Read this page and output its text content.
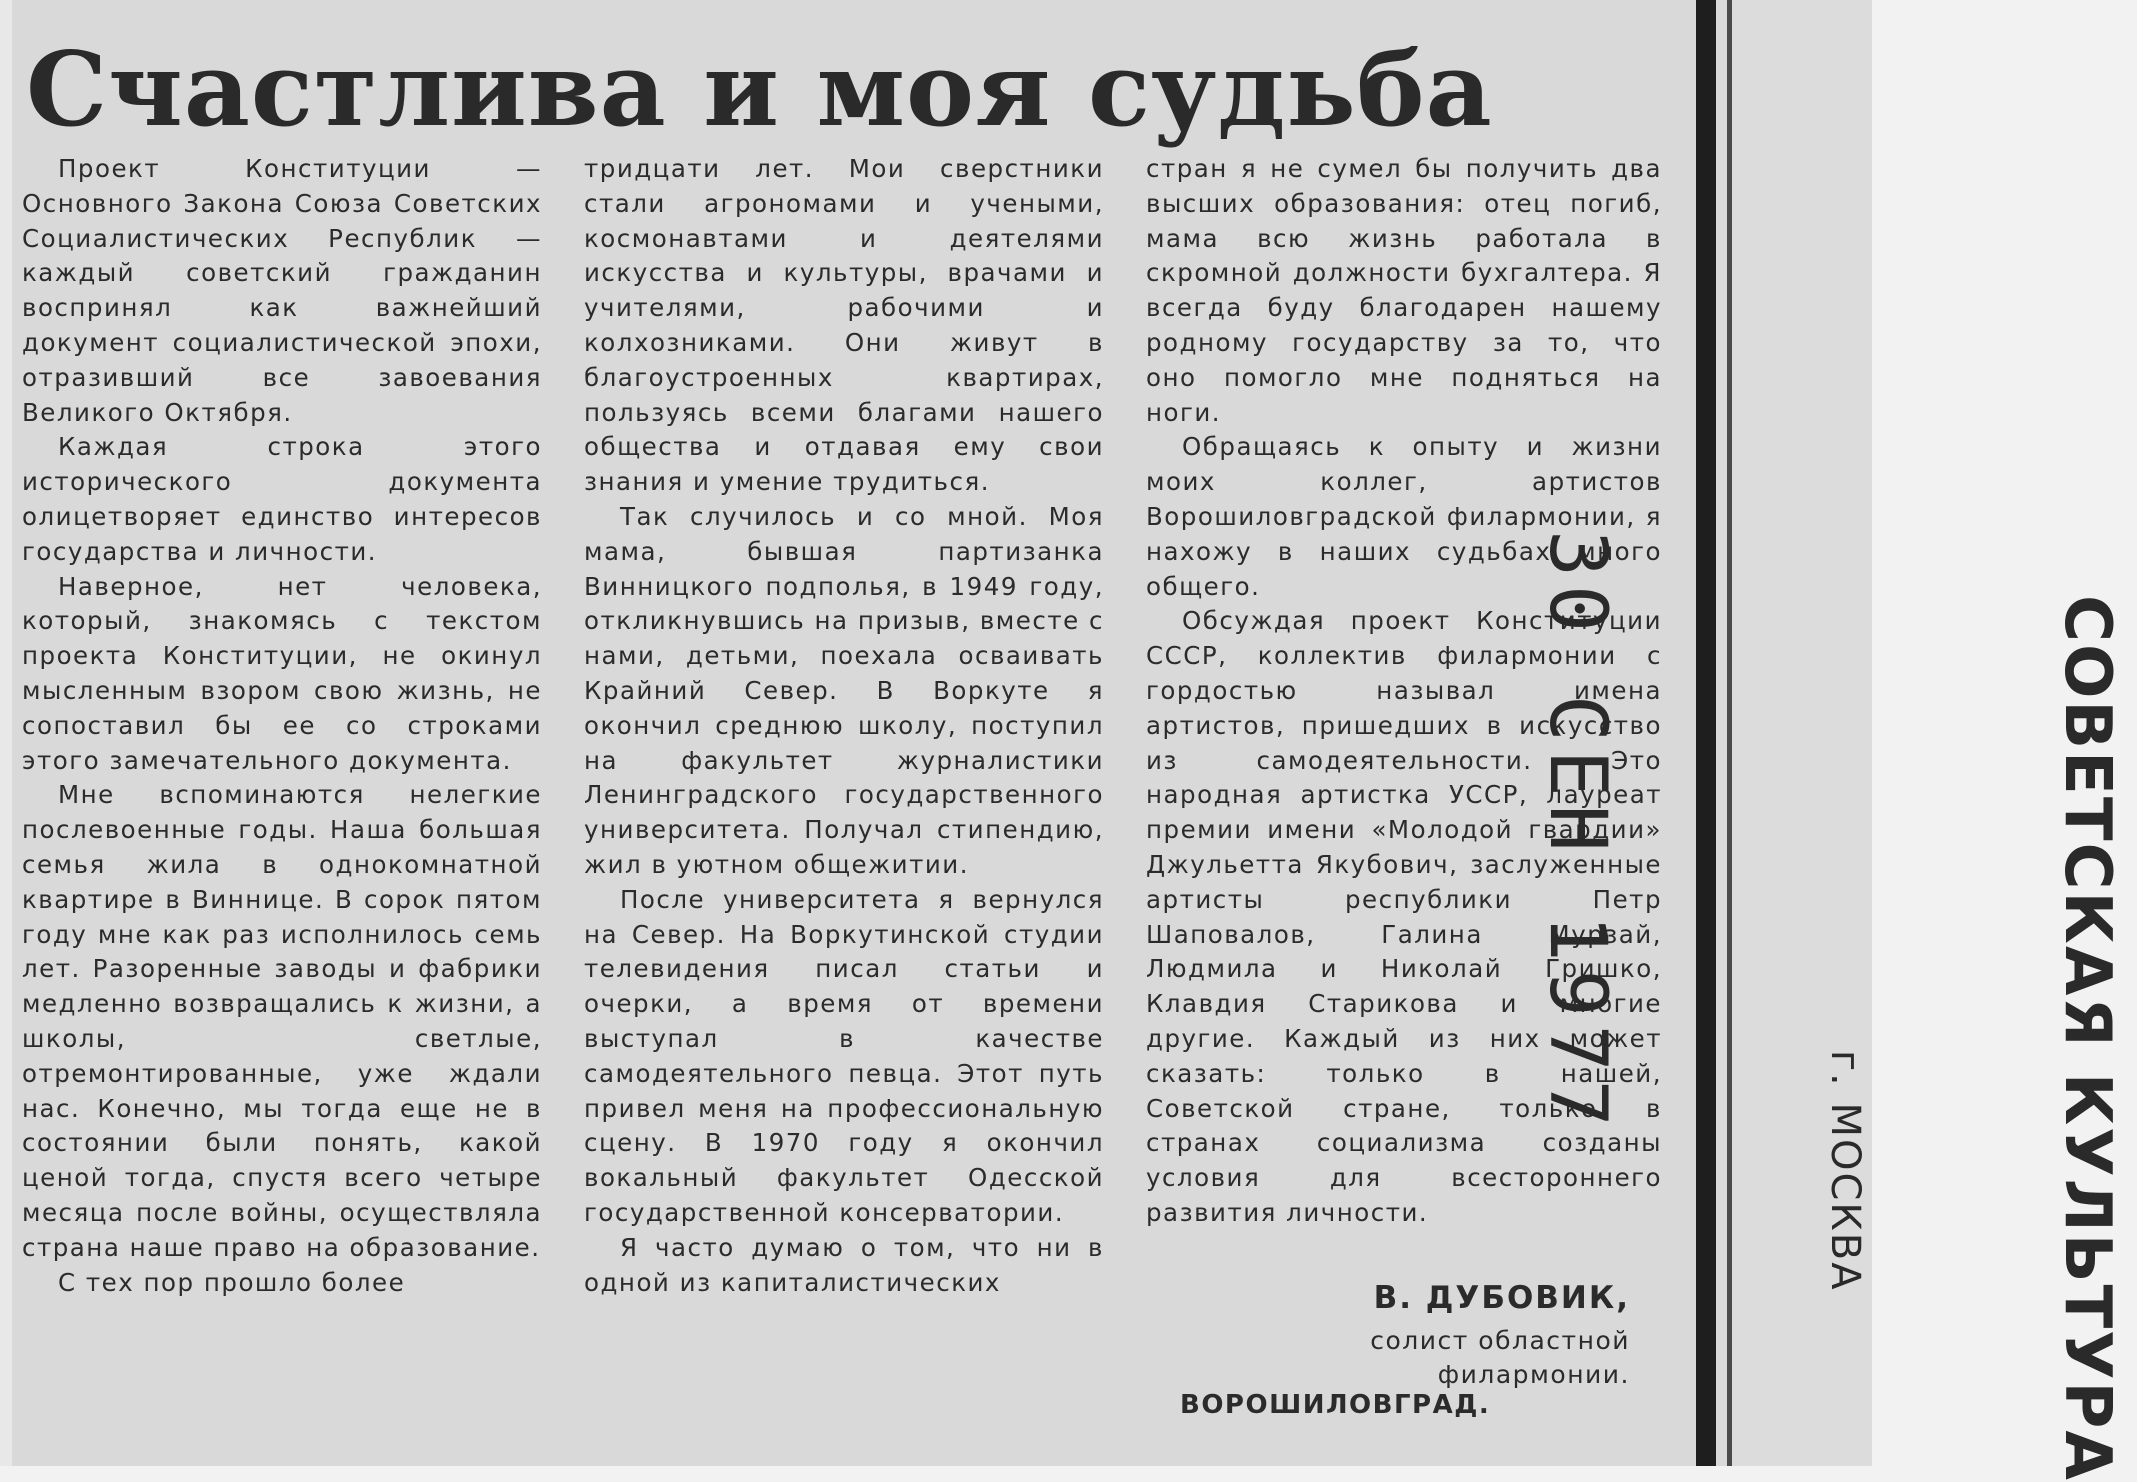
Счастлива и моя судьба

Проект Конституции — Основного Закона Союза Советских Социалистических Республик — каждый советский гражданин воспринял как важнейший документ социалистической эпохи, отразивший все завоевания Великого Октября.

Каждая строка этого исторического документа олицетворяет единство интересов государства и личности.

Наверное, нет человека, который, знакомясь с текстом проекта Конституции, не окинул мысленным взором свою жизнь, не сопоставил бы ее со строками этого замечательного документа.

Мне вспоминаются нелегкие послевоенные годы. Наша большая семья жила в однокомнатной квартире в Виннице. В сорок пятом году мне как раз исполнилось семь лет. Разоренные заводы и фабрики медленно возвращались к жизни, а школы, светлые, отремонтированные, уже ждали нас. Конечно, мы тогда еще не в состоянии были понять, какой ценой тогда, спустя всего четыре месяца после войны, осуществляла страна наше право на образование.

С тех пор прошло более

тридцати лет. Мои сверстники стали агрономами и учеными, космонавтами и деятелями искусства и культуры, врачами и учителями, рабочими и колхозниками. Они живут в благоустроенных квартирах, пользуясь всеми благами нашего общества и отдавая ему свои знания и умение трудиться.

Так случилось и со мной. Моя мама, бывшая партизанка Винницкого подполья, в 1949 году, откликнувшись на призыв, вместе с нами, детьми, поехала осваивать Крайний Север. В Воркуте я окончил среднюю школу, поступил на факультет журналистики Ленинградского государственного университета. Получал стипендию, жил в уютном общежитии.

После университета я вернулся на Север. На Воркутинской студии телевидения писал статьи и очерки, а время от времени выступал в качестве самодеятельного певца. Этот путь привел меня на профессиональную сцену. В 1970 году я окончил вокальный факультет Одесской государственной консерватории.

Я часто думаю о том, что ни в одной из капиталистических

стран я не сумел бы получить два высших образования: отец погиб, мама всю жизнь работала в скромной должности бухгалтера. Я всегда буду благодарен нашему родному государству за то, что оно помогло мне подняться на ноги.

Обращаясь к опыту и жизни моих коллег, артистов Ворошиловградской филармонии, я нахожу в наших судьбах много общего.

Обсуждая проект Конституции СССР, коллектив филармонии с гордостью называл имена артистов, пришедших в искусство из самодеятельности. Это народная артистка УССР, лауреат премии имени «Молодой гвардии» Джульетта Якубович, заслуженные артисты республики Петр Шаповалов, Галина Мурзай, Людмила и Николай Гришко, Клавдия Старикова и многие другие. Каждый из них может сказать: только в нашей, Советской стране, только в странах социализма созданы условия для всестороннего развития личности.

В. ДУБОВИК,
солист областной
филармонии.
ВОРОШИЛОВГРАД.
30 СЕН 1977	СОВЕТСКАЯ КУЛЬТУРА
г. МОСКВА
